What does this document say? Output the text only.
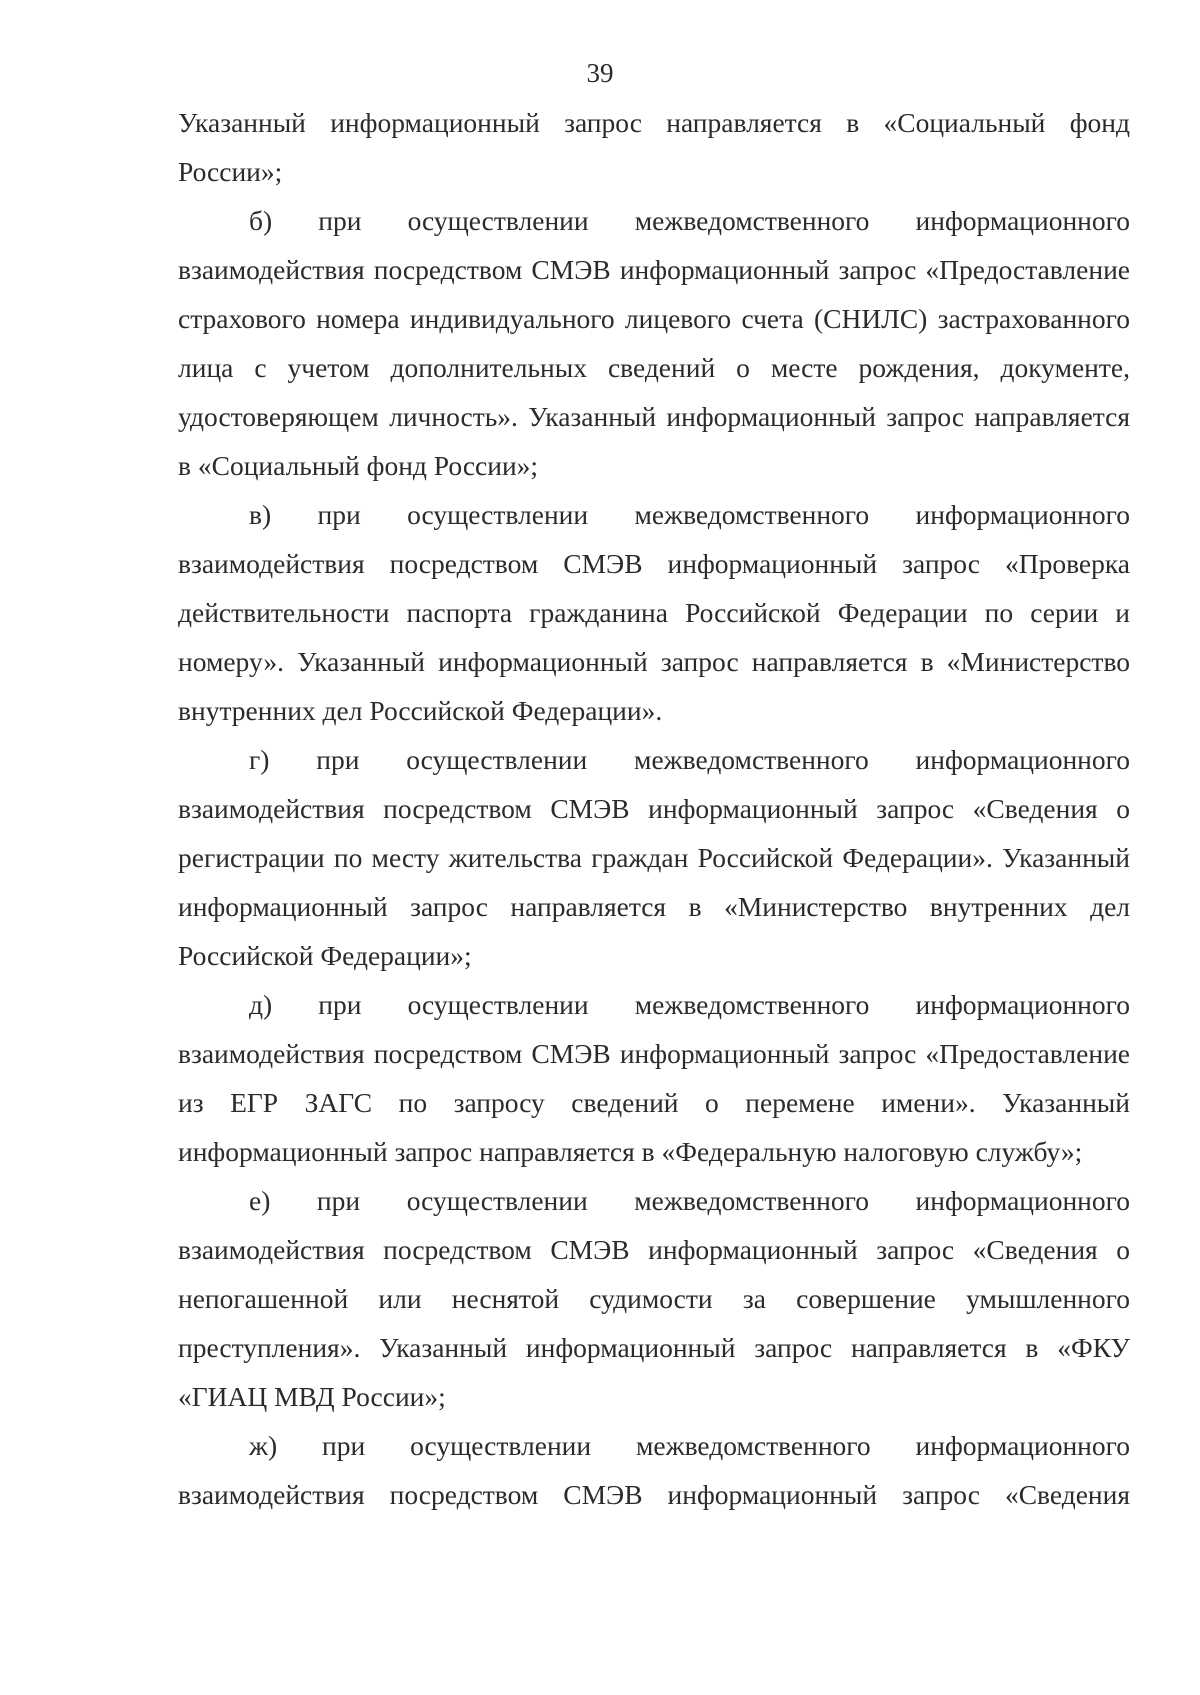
39

Указанный информационный запрос направляется в «Социальный фонд России»;

б) при осуществлении межведомственного информационного взаимодействия посредством СМЭВ информационный запрос «Предоставление страхового номера индивидуального лицевого счета (СНИЛС) застрахованного лица с учетом дополнительных сведений о месте рождения, документе, удостоверяющем личность». Указанный информационный запрос направляется в «Социальный фонд России»;

в) при осуществлении межведомственного информационного взаимодействия посредством СМЭВ информационный запрос «Проверка действительности паспорта гражданина Российской Федерации по серии и номеру». Указанный информационный запрос направляется в «Министерство внутренних дел Российской Федерации».

г) при осуществлении межведомственного информационного взаимодействия посредством СМЭВ информационный запрос «Сведения о регистрации по месту жительства граждан Российской Федерации». Указанный информационный запрос направляется в «Министерство внутренних дел Российской Федерации»;

д) при осуществлении межведомственного информационного взаимодействия посредством СМЭВ информационный запрос «Предоставление из ЕГР ЗАГС по запросу сведений о перемене имени». Указанный информационный запрос направляется в «Федеральную налоговую службу»;

е) при осуществлении межведомственного информационного взаимодействия посредством СМЭВ информационный запрос «Сведения о непогашенной или неснятой судимости за совершение умышленного преступления». Указанный информационный запрос направляется в «ФКУ «ГИАЦ МВД России»;

ж) при осуществлении межведомственного информационного взаимодействия посредством СМЭВ информационный запрос «Сведения
